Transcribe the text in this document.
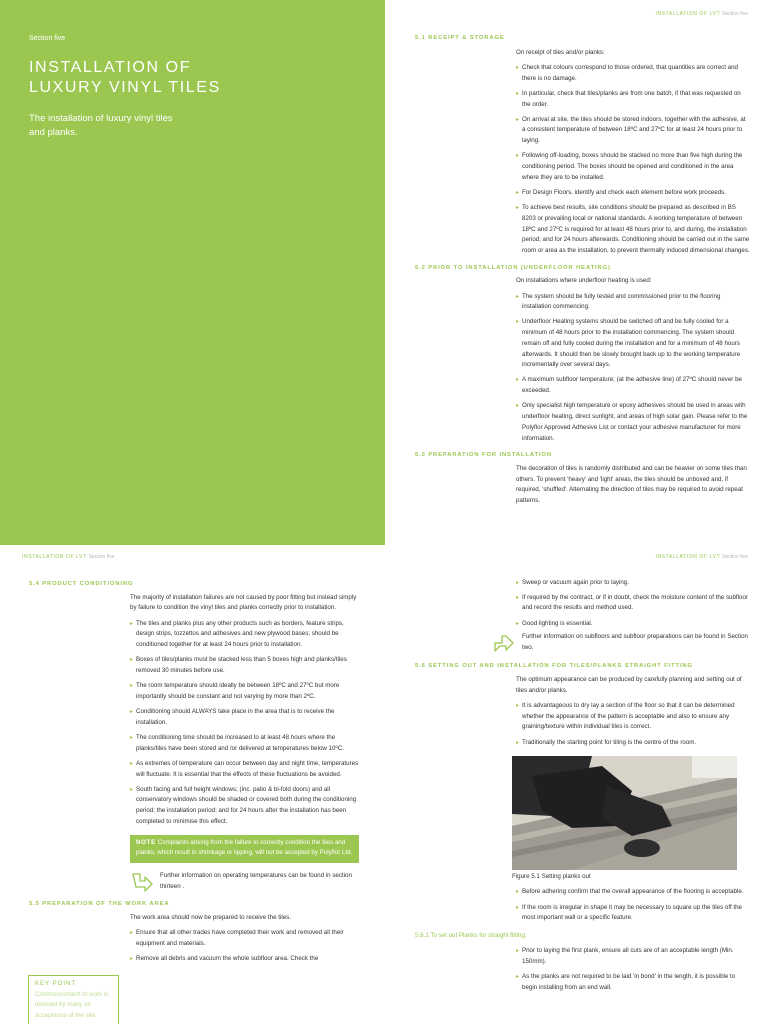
Section five
INSTALLATION OF
LUXURY VINYL TILES
The installation of luxury vinyl tiles
and planks.
INSTALLATION OF LVT Section five
5.1 RECEIPT & STORAGE
On receipt of tiles and/or planks:
▸ Check that colours correspond to those ordered, that quantities are correct and there is no damage.
▸ In particular, check that tiles/planks are from one batch, if that was requested on the order.
▸ On arrival at site, the tiles should be stored indoors, together with the adhesive, at a consistent temperature of between 18ºC and 27ºC for at least 24 hours prior to laying.
▸ Following off-loading, boxes should be stacked no more than five high during the conditioning period. The boxes should be opened and conditioned in the area where they are to be installed.
▸ For Design Floors, identify and check each element before work proceeds.
▸ To achieve best results, site conditions should be prepared as described in BS 8203 or prevailing local or national standards. A working temperature of between 18ºC and 27ºC is required for at least 48 hours prior to, and during, the installation period; and for 24 hours afterwards. Conditioning should be carried out in the same room or area as the installation, to prevent thermally induced dimensional changes.
5.2 PRIOR TO INSTALLATION (UNDERFLOOR HEATING)
On installations where underfloor heating is used:
▸ The system should be fully tested and commissioned prior to the flooring installation commencing.
▸ Underfloor Heating systems should be switched off and be fully cooled for a minimum of 48 hours prior to the installation commencing. The system should remain off and fully cooled during the installation and for a minimum of 48 hours afterwards. It should then be slowly brought back up to the working temperature incrementally over several days.
▸ A maximum subfloor temperature; (at the adhesive line) of 27ºC should never be exceeded.
▸ Only specialist high temperature or epoxy adhesives should be used in areas with underfloor heating, direct sunlight, and areas of high solar gain. Please refer to the Polyflor Approved Adhesive List or contact your adhesive manufacturer for more information.
5.3 PREPARATION FOR INSTALLATION
The decoration of tiles is randomly distributed and can be heavier on some tiles than others. To prevent 'heavy' and 'light' areas, the tiles should be unboxed and, if required, 'shuffled'. Alternating the direction of tiles may be required to avoid repeat patterns.
INSTALLATION OF LVT Section five
5.4 PRODUCT CONDITIONING
The majority of installation failures are not caused by poor fitting but instead simply by failure to condition the vinyl tiles and planks correctly prior to installation.
▸ The tiles and planks plus any other products such as borders, feature strips, design strips, tozzettos and adhesives and new plywood bases; should be conditioned together for at least 24 hours prior to installation.
▸ Boxes of tiles/planks must be stacked less than 5 boxes high and planks/tiles removed 30 minutes before use.
▸ The room temperature should ideally be between 18ºC and 27ºC but more importantly should be constant and not varying by more than 2ºC.
▸ Conditioning should ALWAYS take place in the area that is to receive the installation.
▸ The conditioning time should be increased to at least 48 hours where the planks/tiles have been stored and /or delivered at temperatures below 10ºC.
▸ As extremes of temperature can occur between day and night time, temperatures will fluctuate. It is essential that the effects of these fluctuations be avoided.
▸ South facing and full height windows; (inc. patio & bi-fold doors) and all conservatory windows should be shaded or covered both during the conditioning period; the installation period; and for 24 hours after the installation has been completed to minimise this effect.
NOTE Complaints arising from the failure to correctly condition the tiles and planks, which result in shrinkage or lipping, will not be accepted by Polyflor Ltd.
Further information on operating temperatures can be found in section thirteen .
5.5 PREPARATION OF THE WORK AREA
The work area should now be prepared to receive the tiles.
▸ Ensure that all other trades have completed their work and removed all their equipment and materials.
▸ Remove all debris and vacuum the whole subfloor area. Check the
KEY POINT
Commencement of work is deemed by many as acceptance of the site
INSTALLATION OF LVT Section five
▸ Sweep or vacuum again prior to laying.
▸ If required by the contract, or if in doubt, check the moisture content of the subfloor and record the results and method used.
▸ Good lighting is essential.
Further information on subfloors and subfloor preparations can be found in Section two.
5.6 SETTING OUT AND INSTALLATION FOR TILES/PLANKS STRAIGHT FITTING
The optimum appearance can be produced by carefully planning and setting out of tiles and/or planks.
▸ It is advantageous to dry lay a section of the floor so that it can be determined whether the appearance of the pattern is acceptable and also to ensure any graining/texture within individual tiles is correct.
▸ Traditionally the starting point for tiling is the centre of the room.
Figure 5.1 Setting planks out
▸ Before adhering confirm that the overall appearance of the flooring is acceptable.
▸ If the room is irregular in shape it may be necessary to square up the tiles off the most important wall or a specific feature.
5.6.1 To set out Planks for straight fitting:
▸ Prior to laying the first plank, ensure all cuts are of an acceptable length (Min. 150mm).
▸ As the planks are not required to be laid 'in bond' in the length, it is possible to begin installing from an end wall.
